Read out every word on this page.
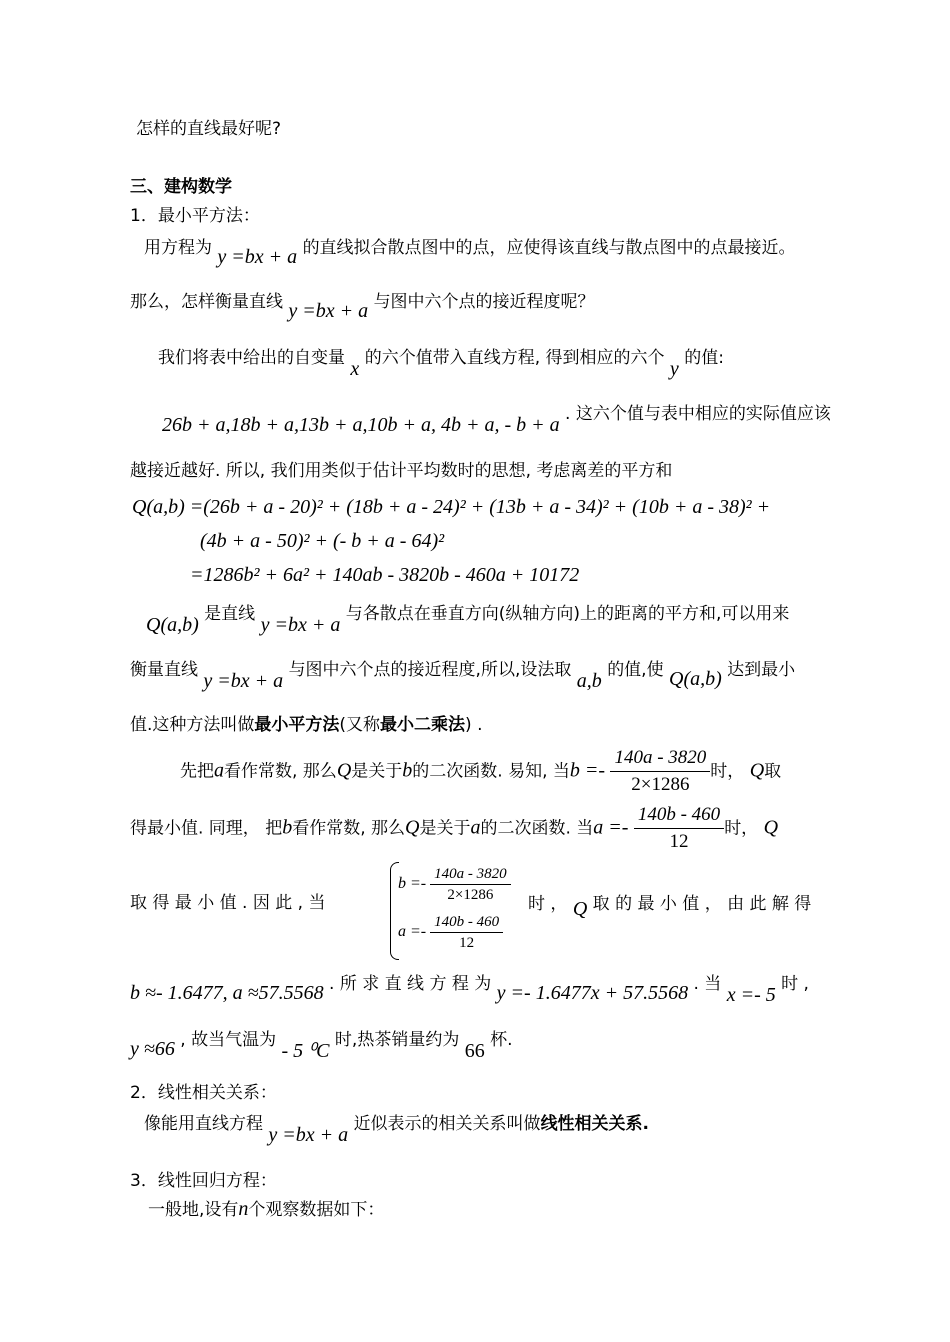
怎样的直线最好呢?
三、建构数学
1．最小平方法：
用方程为 y =bx + a 的直线拟合散点图中的点，应使得该直线与散点图中的点最接近。
那么，怎样衡量直线 y =bx + a 与图中六个点的接近程度呢？
我们将表中给出的自变量 x 的六个值带入直线方程, 得到相应的六个 y 的值:
26b + a,18b + a,13b + a,10b + a, 4b + a, - b + a . 这六个值与表中相应的实际值应该
越接近越好. 所以, 我们用类似于估计平均数时的思想, 考虑离差的平方和
Q(a,b) =(26b + a - 20)² + (18b + a - 24)² + (13b + a - 34)² + (10b + a - 38)² +
(4b + a - 50)² + (- b + a - 64)²
=1286b² + 6a² + 140ab - 3820b - 460a + 10172
Q(a,b) 是直线 y =bx + a 与各散点在垂直方向(纵轴方向)上的距离的平方和,可以用来
衡量直线 y =bx + a 与图中六个点的接近程度,所以,设法取 a,b 的值,使 Q(a,b) 达到最小
值.这种方法叫做最小平方法(又称最小二乘法) .
先把a看作常数, 那么Q是关于b的二次函数. 易知, 当$b =- \frac{140a - 3820}{2\times 1286}$ 时， Q取
得最小值. 同理， 把b看作常数, 那么Q是关于a的二次函数. 当$a =- \frac{140b - 460}{12}$ 时， Q
取 得 最 小 值 . 因 此 , 当
$b =- \frac{140a - 3820}{2\times 1286}$
$a =- \frac{140b - 460}{12}$
时 ， Q 取 的 最 小 值 ， 由 此 解 得
b ≈- 1.6477, a ≈57.5568 . 所 求 直 线 方 程 为 y =- 1.6477x + 57.5568 . 当 x =- 5 时 ,
y ≈66 , 故当气温为 - 5 ⁰C 时,热茶销量约为 66 杯.
2．线性相关关系：
像能用直线方程 y =bx + a 近似表示的相关关系叫做线性相关关系.
3．线性回归方程：
一般地,设有n个观察数据如下：
